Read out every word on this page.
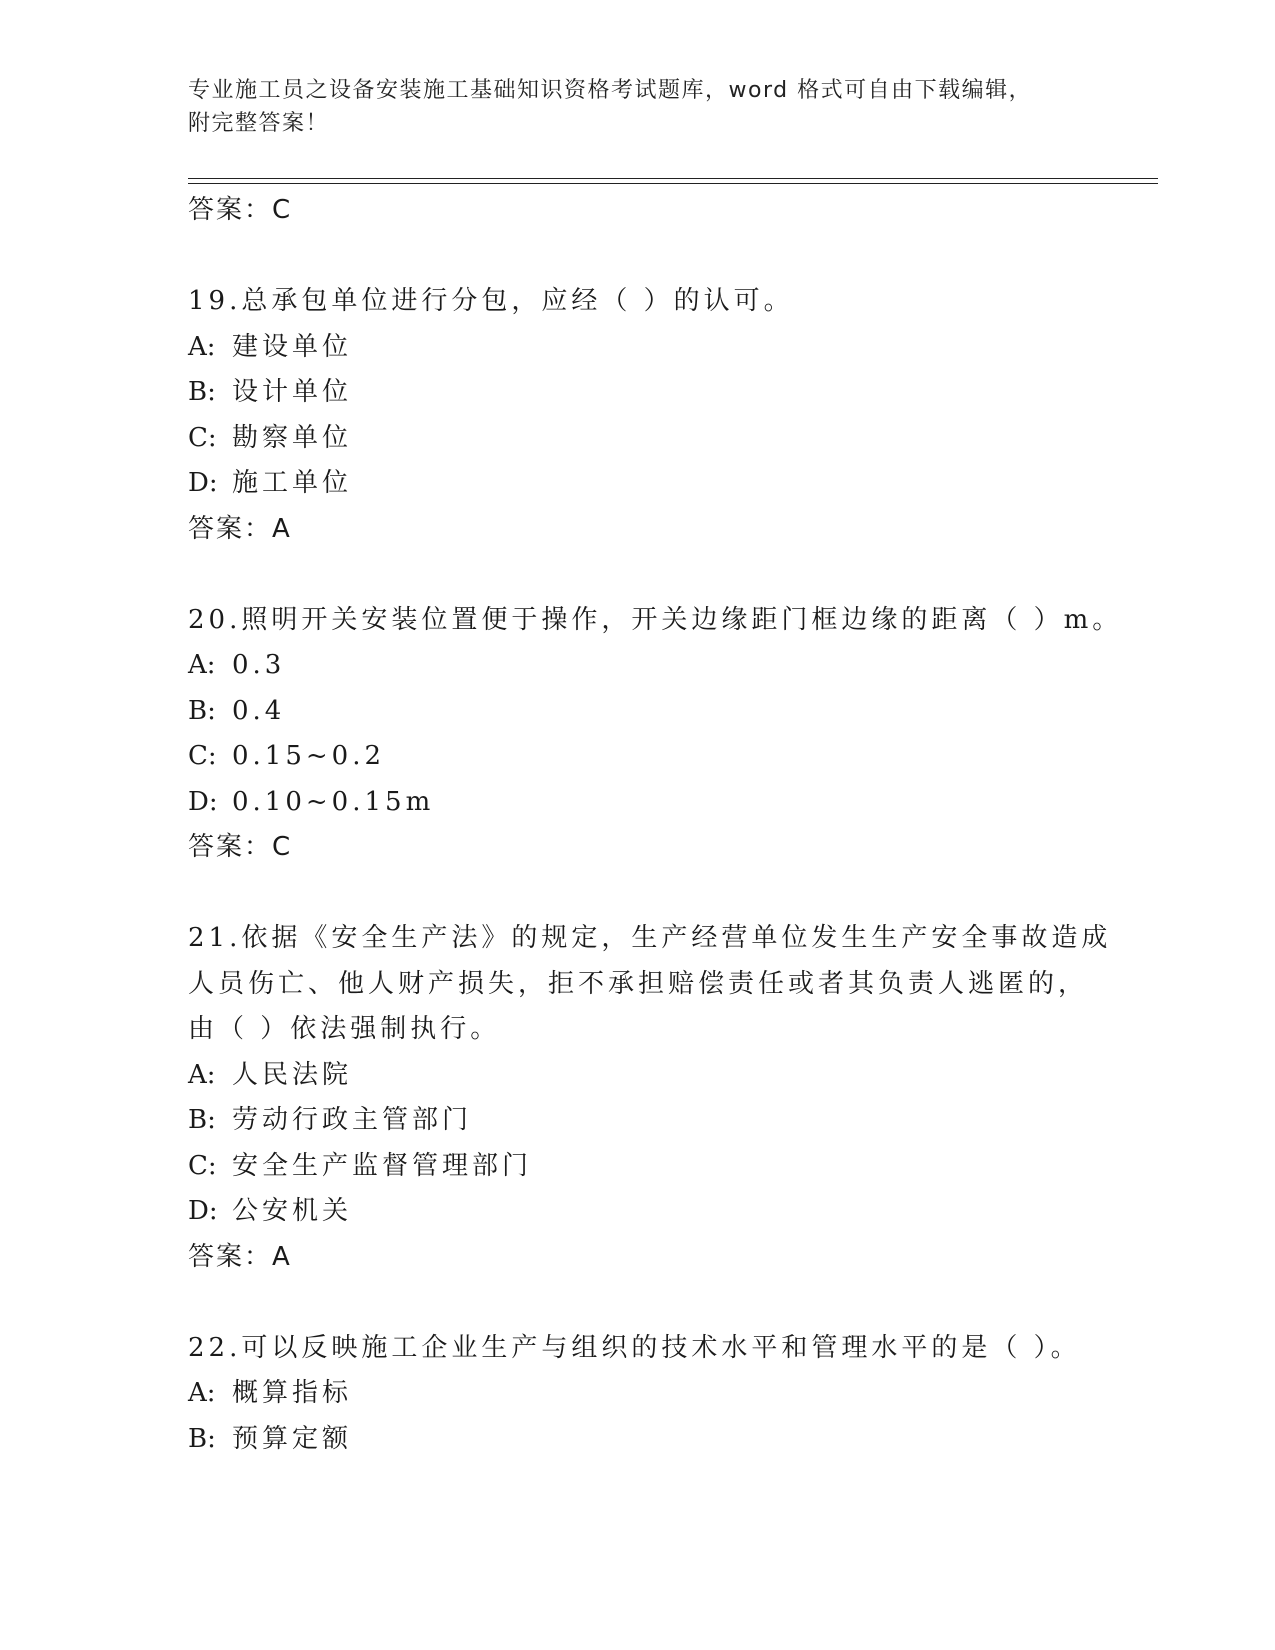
专业施工员之设备安装施工基础知识资格考试题库，word 格式可自由下载编辑，
附完整答案！
答案：C
19.总承包单位进行分包，应经（ ）的认可。
A: 建设单位
B: 设计单位
C: 勘察单位
D: 施工单位
答案：A
20.照明开关安装位置便于操作，开关边缘距门框边缘的距离（ ）m。
A: 0.3
B: 0.4
C: 0.15~0.2
D: 0.10~0.15m
答案：C
21.依据《安全生产法》的规定，生产经营单位发生生产安全事故造成
人员伤亡、他人财产损失，拒不承担赔偿责任或者其负责人逃匿的，
由（ ）依法强制执行。
A: 人民法院
B: 劳动行政主管部门
C: 安全生产监督管理部门
D: 公安机关
答案：A
22.可以反映施工企业生产与组织的技术水平和管理水平的是（ ）。
A: 概算指标
B: 预算定额
